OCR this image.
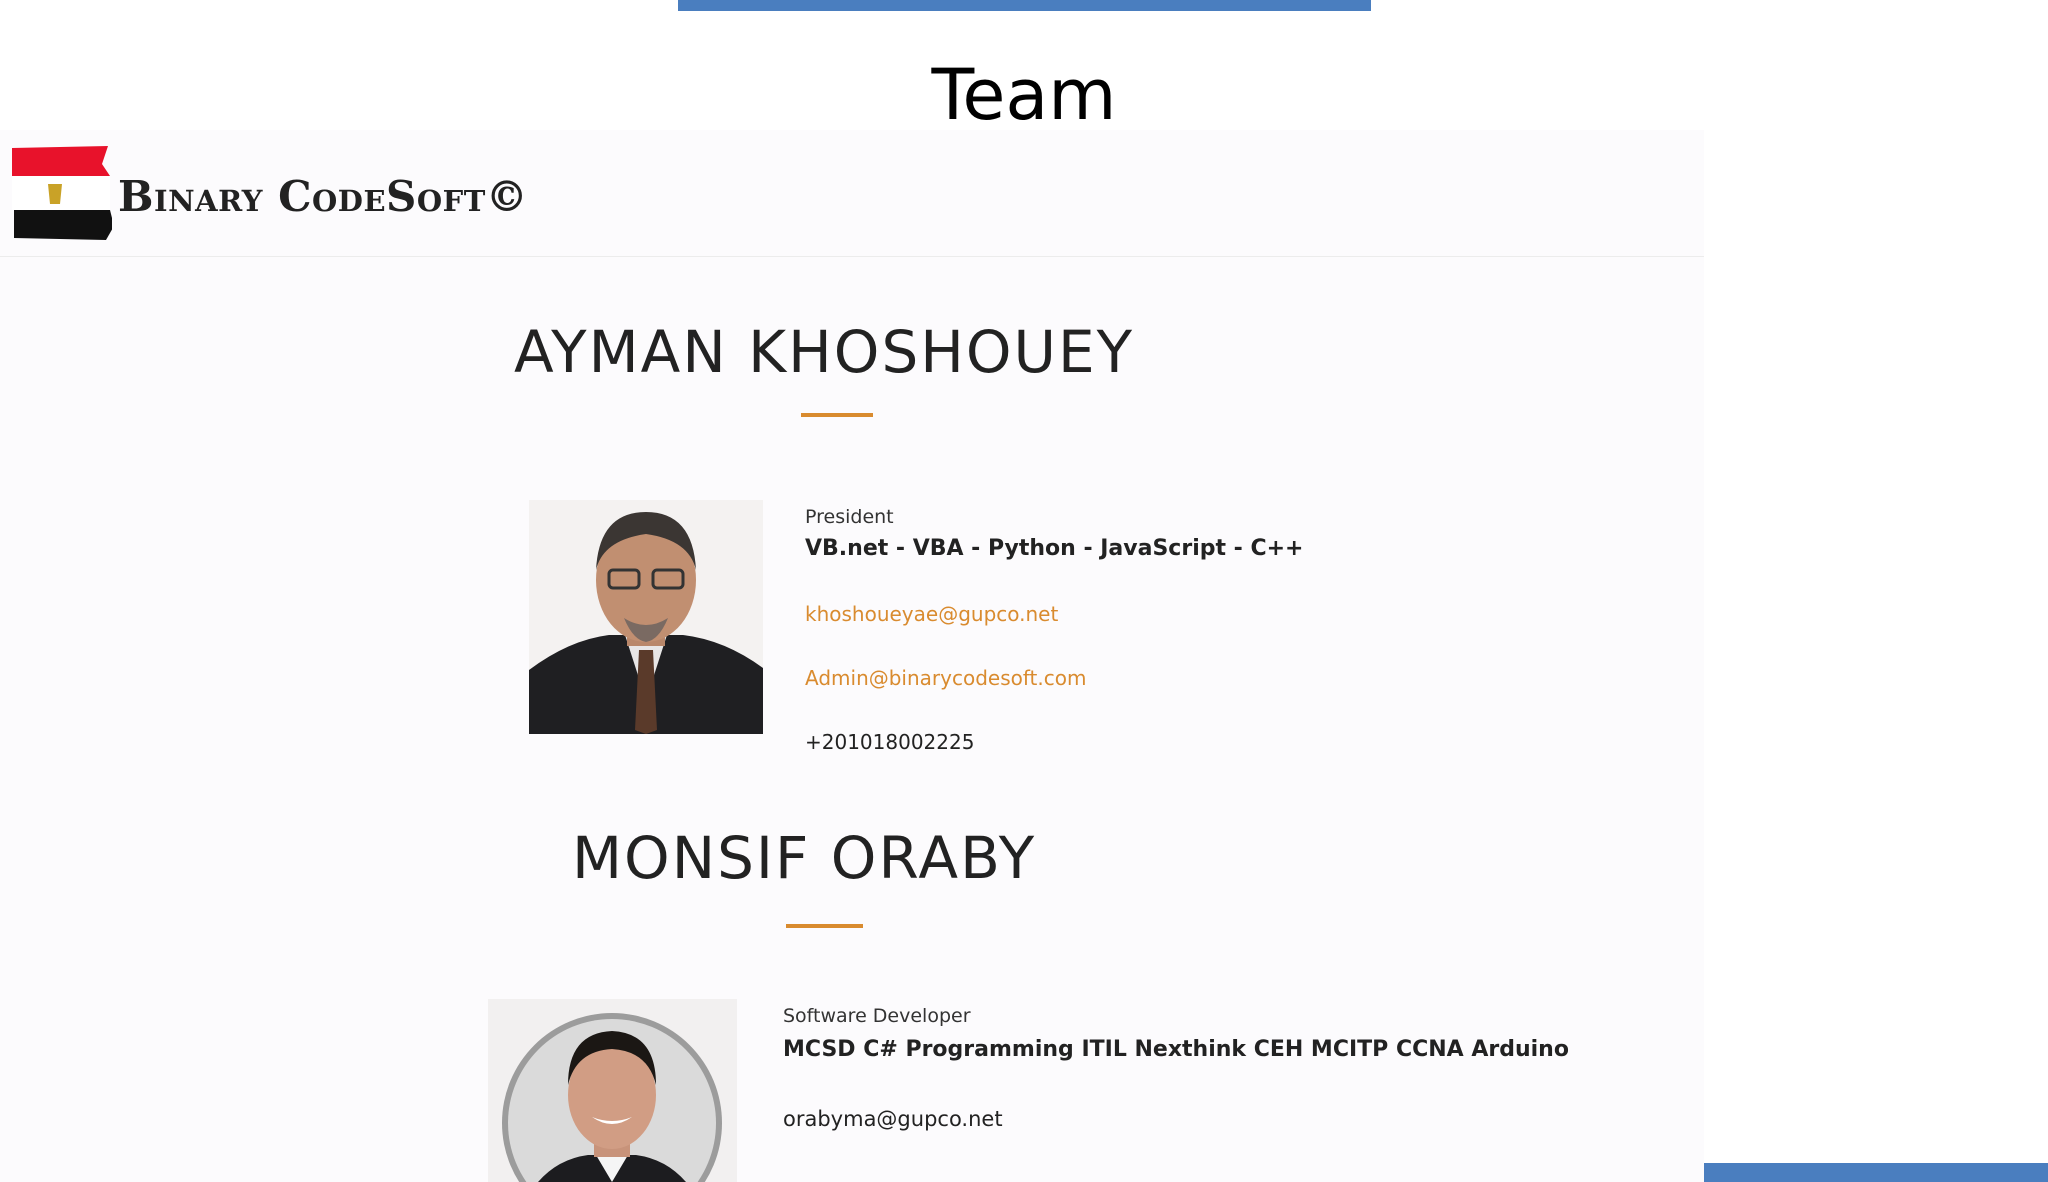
Team
Binary CodeSoft©
AYMAN KHOSHOUEY
President
VB.net - VBA - Python - JavaScript - C++
khoshoueyae@gupco.net
Admin@binarycodesoft.com
+201018002225
MONSIF ORABY
Software Developer
MCSD C# Programming ITIL Nexthink CEH MCITP CCNA Arduino
orabyma@gupco.net
